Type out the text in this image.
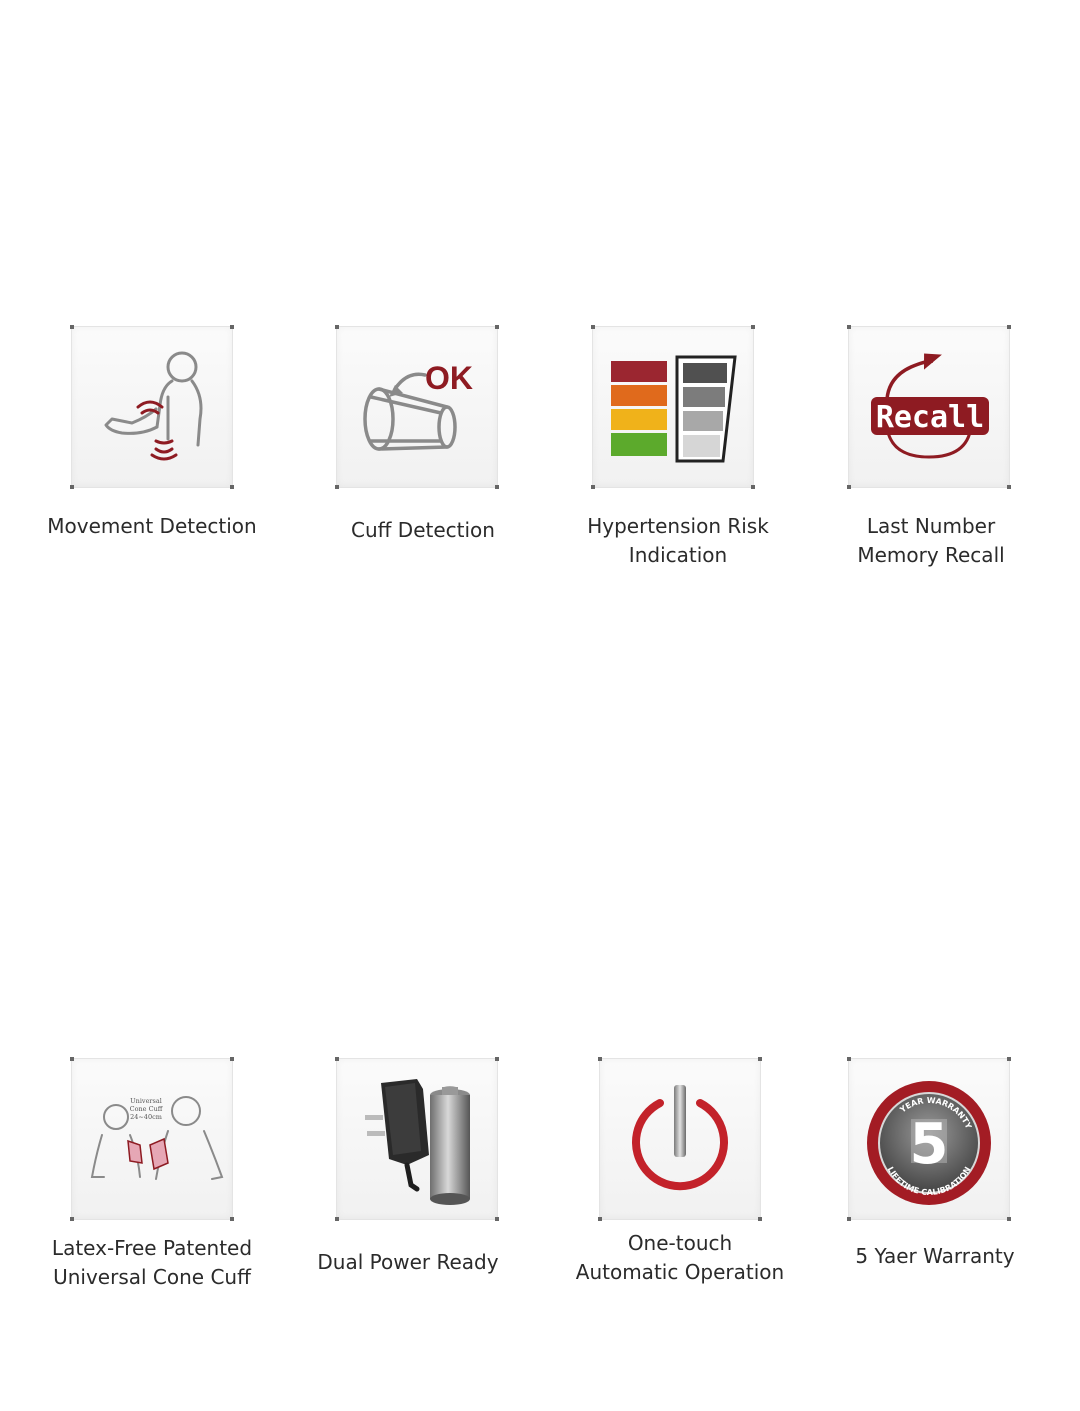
Movement Detection
OK
Cuff Detection	Hypertension Risk
Indication
Recall
Last Number
Memory Recall
Universal
Cone Cuff
24~40cm
Latex-Free Patented
Universal Cone Cuff
Dual Power Ready
One-touch
Automatic Operation
5
YEAR WARRANTY
LIFETIME CALIBRATION
5 Yaer Warranty
